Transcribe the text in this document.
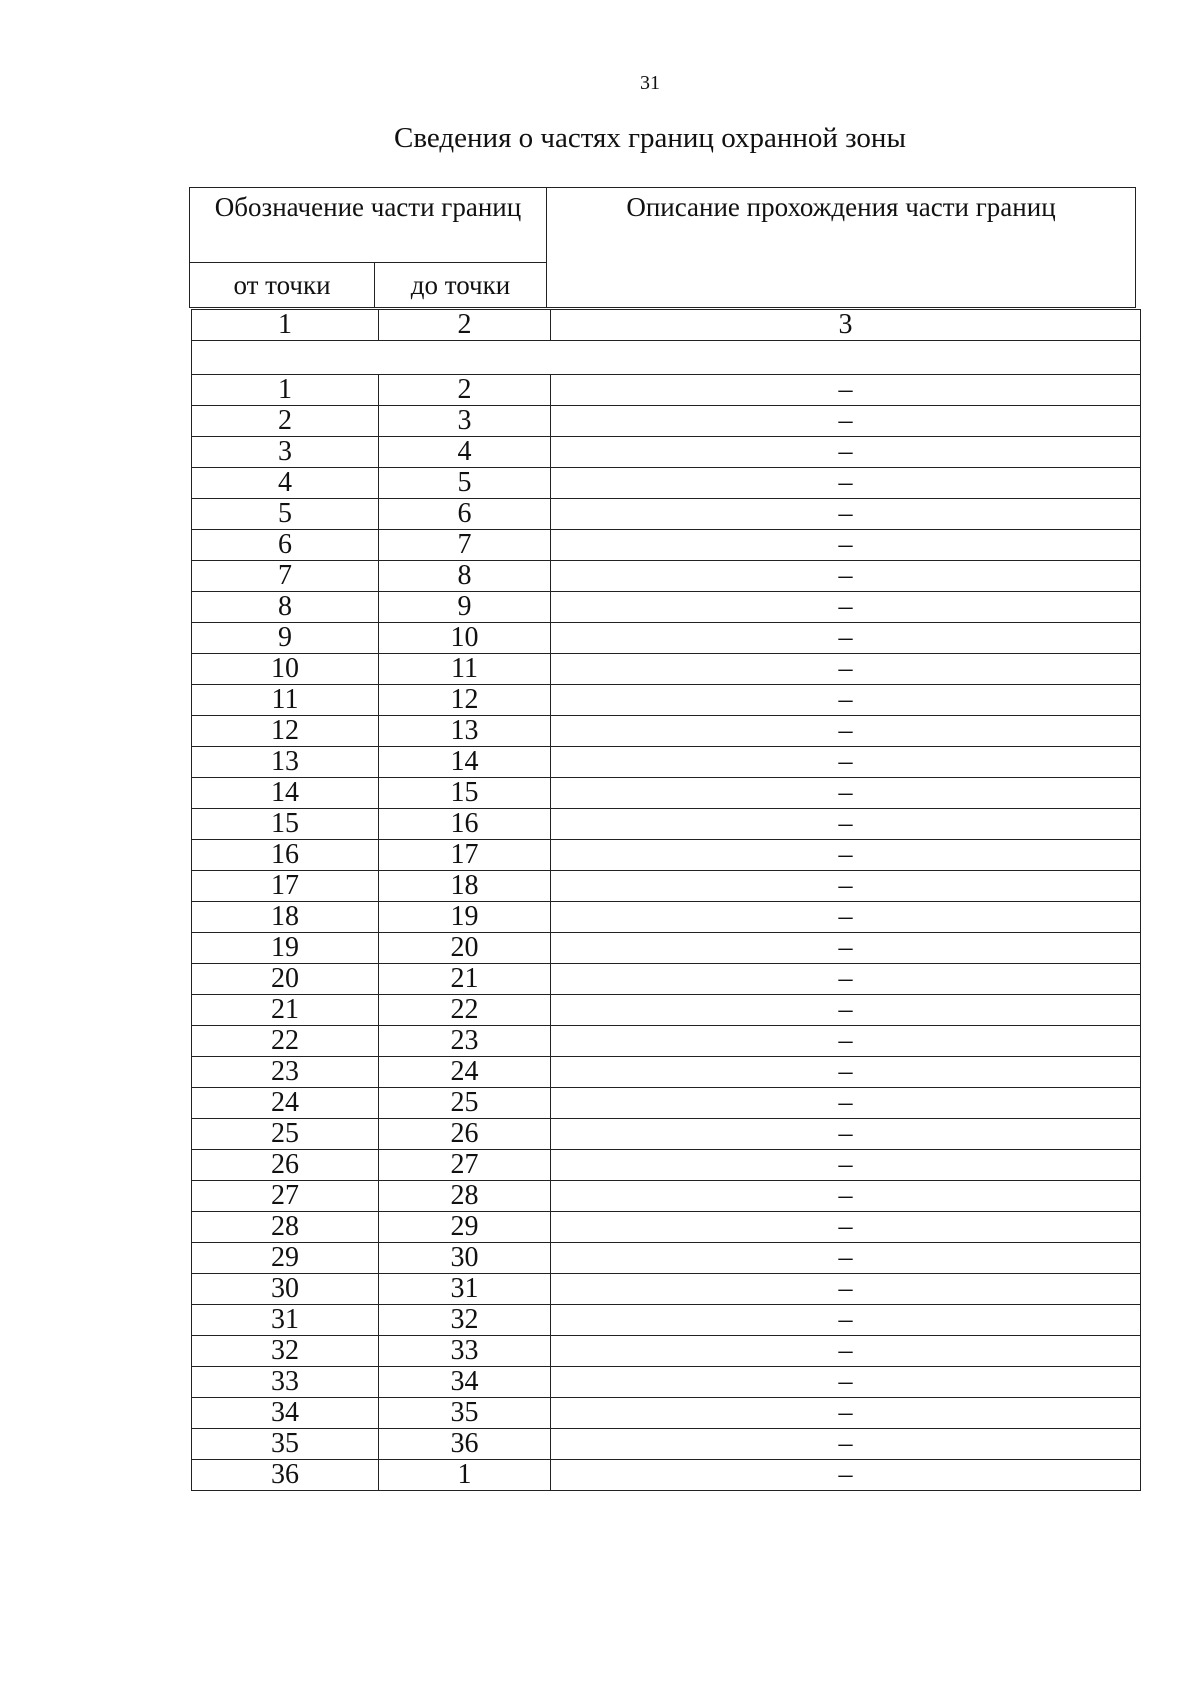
31
Сведения о частях границ охранной зоны
Обозначение части границ		Описание прохождения части границ
от точки	до точки	
1	2	3

1	2	–
2	3	–
3	4	–
4	5	–
5	6	–
6	7	–
7	8	–
8	9	–
9	10	–
10	11	–
11	12	–
12	13	–
13	14	–
14	15	–
15	16	–
16	17	–
17	18	–
18	19	–
19	20	–
20	21	–
21	22	–
22	23	–
23	24	–
24	25	–
25	26	–
26	27	–
27	28	–
28	29	–
29	30	–
30	31	–
31	32	–
32	33	–
33	34	–
34	35	–
35	36	–
36	1	–
